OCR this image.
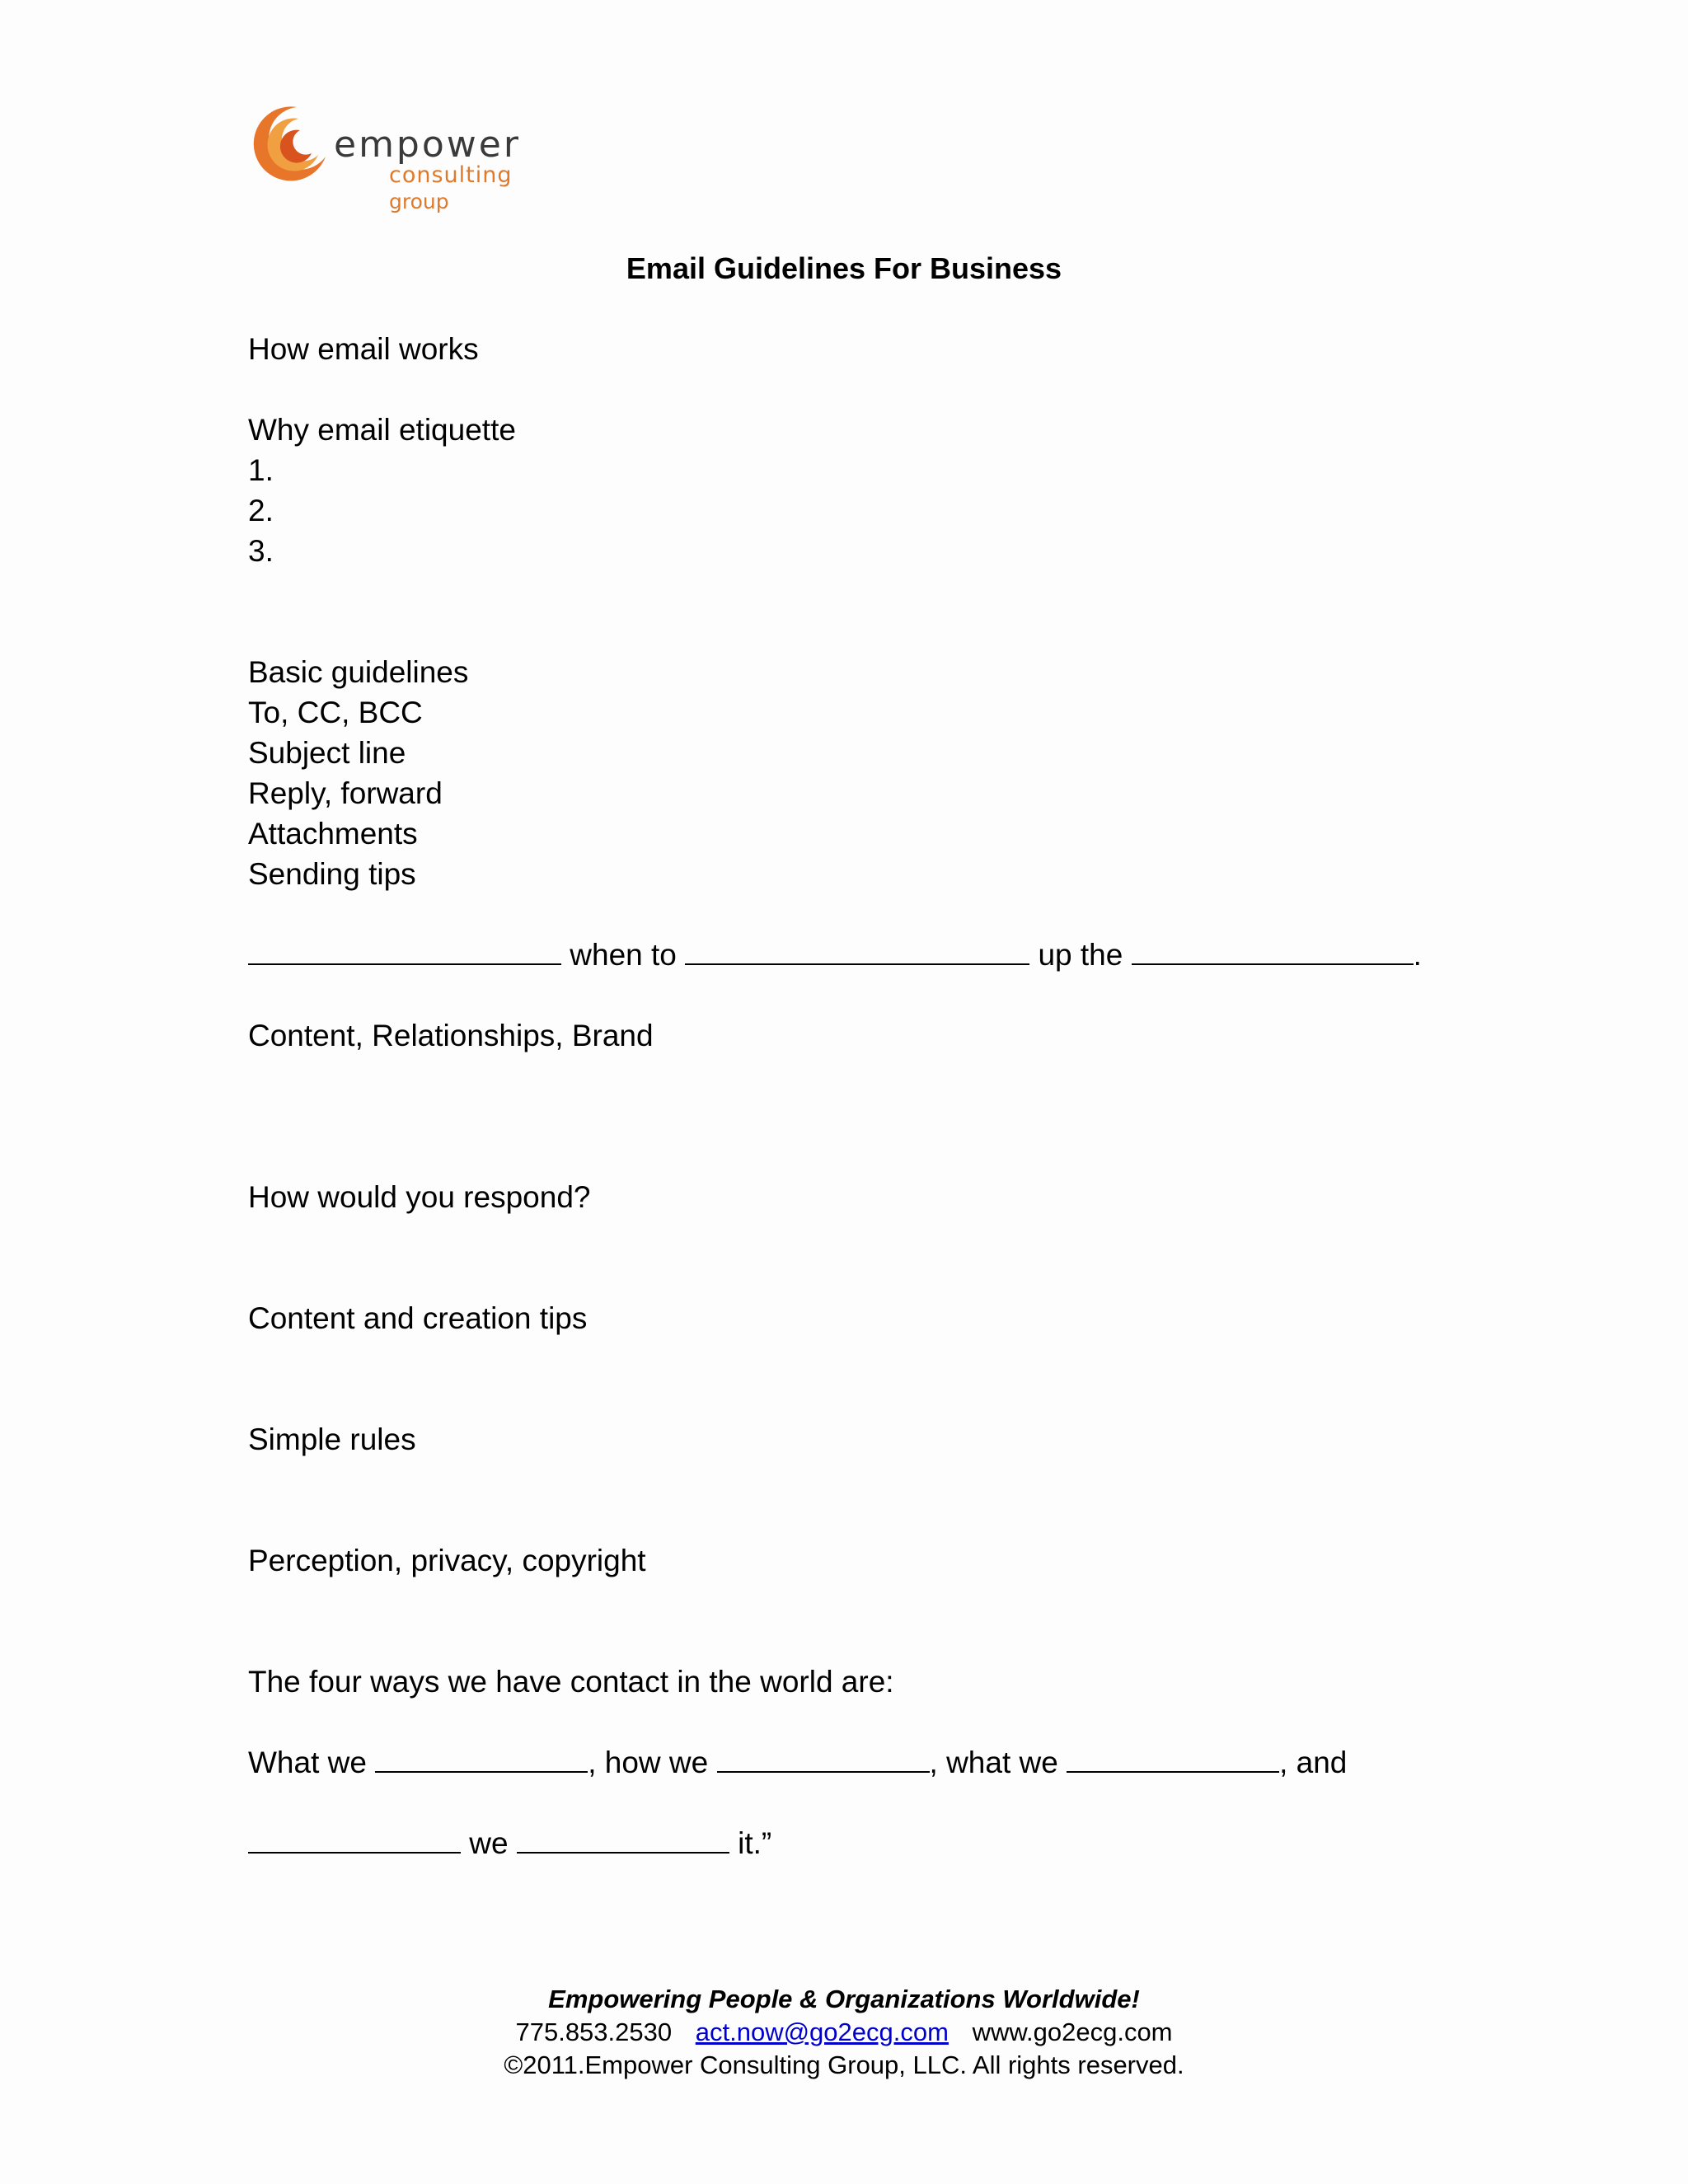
empower
consulting
group
Email Guidelines For Business
How email works
Why email etiquette
1.
2.
3.
Basic guidelines
To, CC, BCC
Subject line
Reply, forward
Attachments
Sending tips
when to	up the	.
Content, Relationships, Brand
How would you respond?
Content and creation tips
Simple rules
Perception, privacy, copyright
The four ways we have contact in the world are:
What we	, how we	, what we	, and
we	it.”
Empowering People & Organizations Worldwide!
775.853.2530 act.now@go2ecg.com www.go2ecg.com
©2011.Empower Consulting Group, LLC. All rights reserved.
